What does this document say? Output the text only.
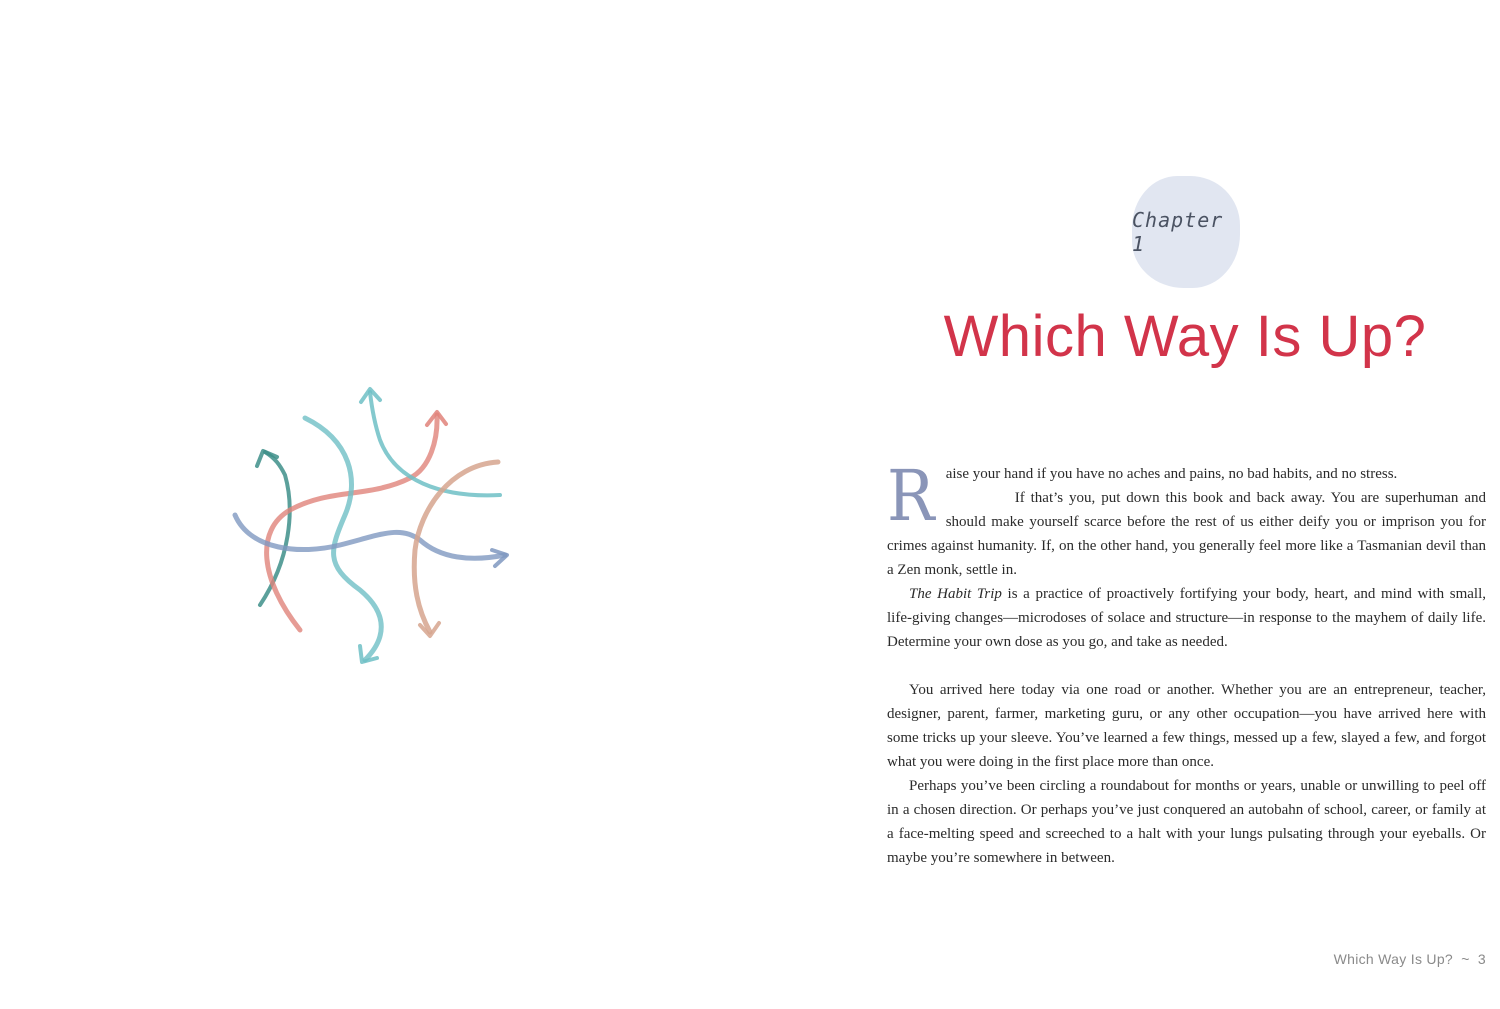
Chapter 1
Which Way Is Up?

Raise your hand if you have no aches and pains, no bad habits, and no stress.

If that’s you, put down this book and back away. You are superhuman and should make yourself scarce before the rest of us either deify you or imprison you for crimes against humanity. If, on the other hand, you generally feel more like a Tasmanian devil than a Zen monk, settle in.

The Habit Trip is a practice of proactively fortifying your body, heart, and mind with small, life-giving changes—microdoses of solace and structure—in response to the mayhem of daily life. Determine your own dose as you go, and take as needed.

You arrived here today via one road or another. Whether you are an entrepreneur, teacher, designer, parent, farmer, marketing guru, or any other occupation—you have arrived here with some tricks up your sleeve. You’ve learned a few things, messed up a few, slayed a few, and forgot what you were doing in the first place more than once.

Perhaps you’ve been circling a roundabout for months or years, unable or unwilling to peel off in a chosen direction. Or perhaps you’ve just conquered an autobahn of school, career, or family at a face-melting speed and screeched to a halt with your lungs pulsating through your eyeballs. Or maybe you’re somewhere in between.

Which Way Is Up? ~ 3
